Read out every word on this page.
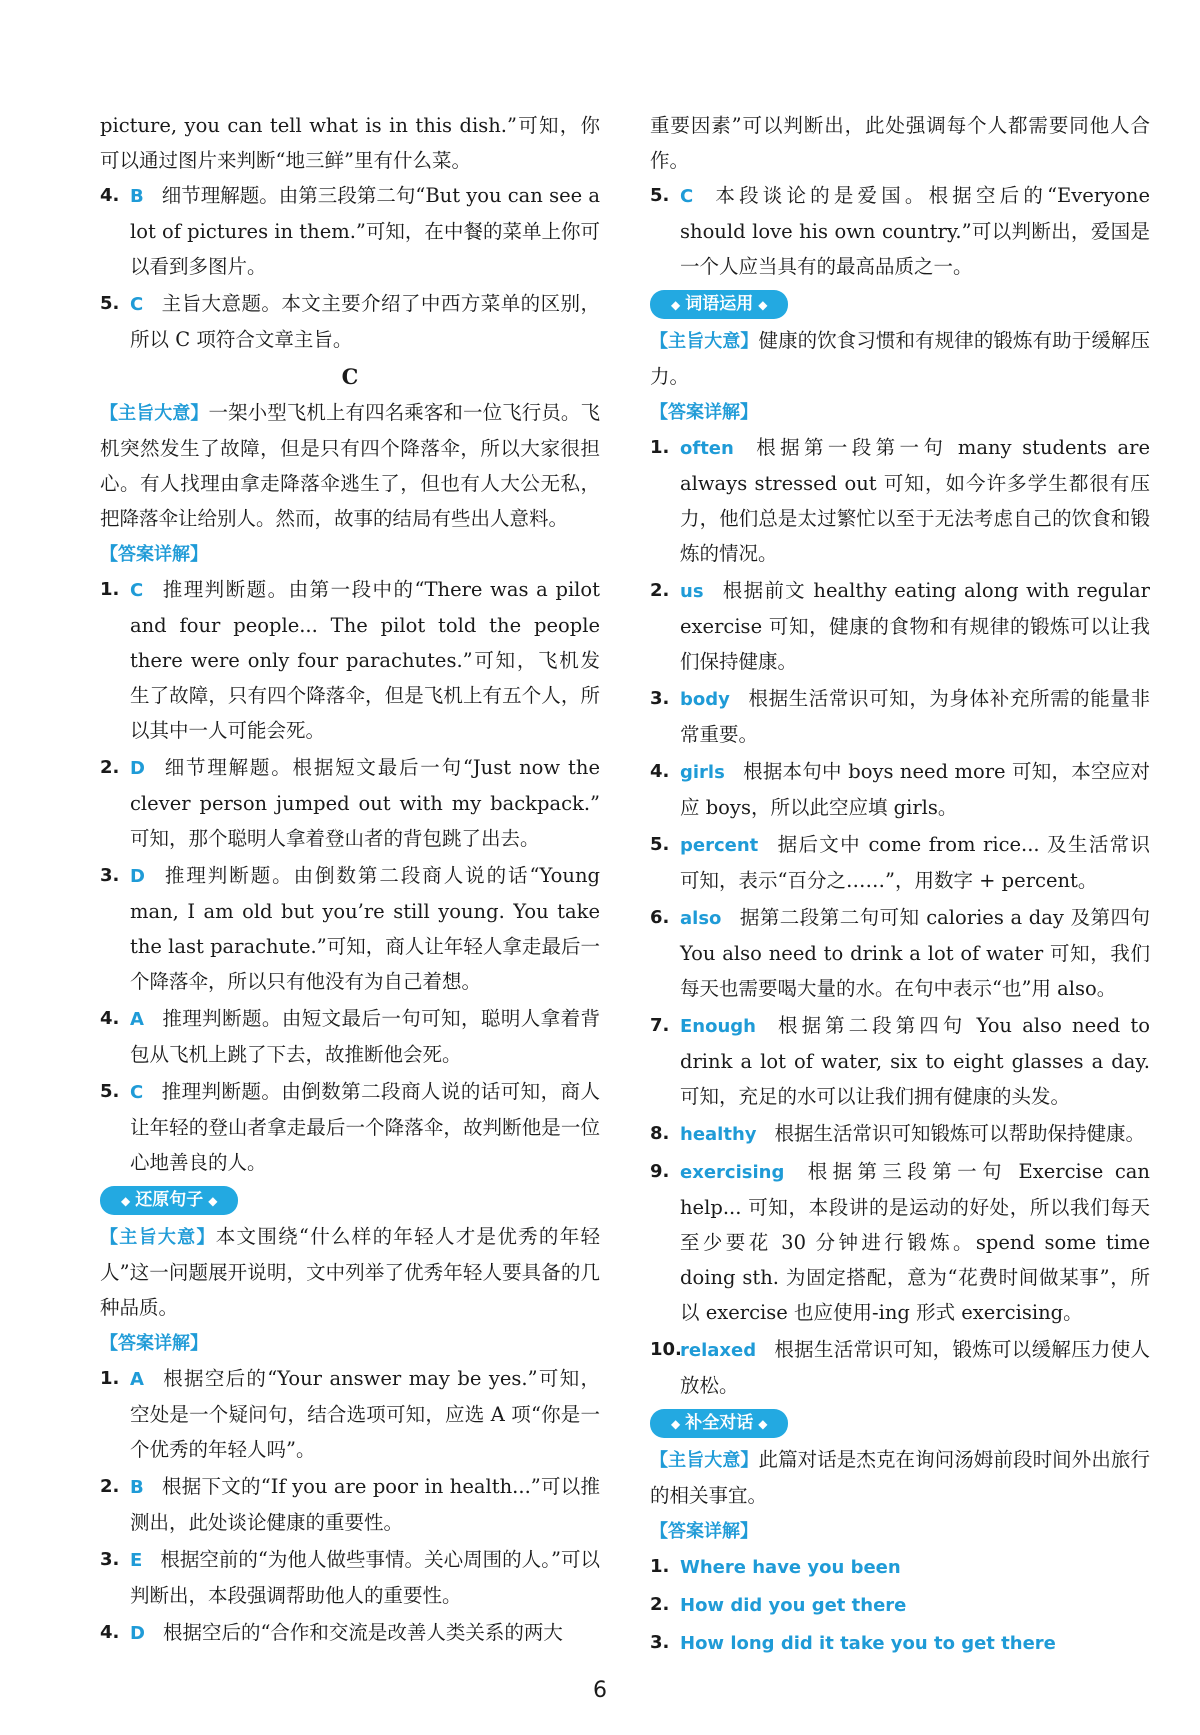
picture, you can tell what is in this dish.”可知，你可以通过图片来判断“地三鲜”里有什么菜。

4. B 细节理解题。由第三段第二句“But you can see a lot of pictures in them.”可知，在中餐的菜单上你可以看到多图片。
5. C 主旨大意题。本文主要介绍了中西方菜单的区别，所以 C 项符合文章主旨。

C

【主旨大意】一架小型飞机上有四名乘客和一位飞行员。飞机突然发生了故障，但是只有四个降落伞，所以大家很担心。有人找理由拿走降落伞逃生了，但也有人大公无私，把降落伞让给别人。然而，故事的结局有些出人意料。

【答案详解】

1. C 推理判断题。由第一段中的“There was a pilot and four people... The pilot told the people there were only four parachutes.”可知，飞机发生了故障，只有四个降落伞，但是飞机上有五个人，所以其中一人可能会死。
2. D 细节理解题。根据短文最后一句“Just now the clever person jumped out with my backpack.” 可知，那个聪明人拿着登山者的背包跳了出去。
3. D 推理判断题。由倒数第二段商人说的话“Young man, I am old but you’re still young. You take the last parachute.”可知，商人让年轻人拿走最后一个降落伞，所以只有他没有为自己着想。
4. A 推理判断题。由短文最后一句可知，聪明人拿着背包从飞机上跳了下去，故推断他会死。
5. C 推理判断题。由倒数第二段商人说的话可知，商人让年轻的登山者拿走最后一个降落伞，故判断他是一位心地善良的人。
◆ 还原句子 ◆

【主旨大意】本文围绕“什么样的年轻人才是优秀的年轻人”这一问题展开说明，文中列举了优秀年轻人要具备的几种品质。

【答案详解】

1. A 根据空后的“Your answer may be yes.”可知，空处是一个疑问句，结合选项可知，应选 A 项“你是一个优秀的年轻人吗”。
2. B 根据下文的“If you are poor in health...”可以推测出，此处谈论健康的重要性。
3. E 根据空前的“为他人做些事情。关心周围的人。”可以判断出，本段强调帮助他人的重要性。
4. D 根据空后的“合作和交流是改善人类关系的两大

重要因素”可以判断出，此处强调每个人都需要同他人合作。

5. C 本段谈论的是爱国。根据空后的“Everyone should love his own country.”可以判断出，爱国是一个人应当具有的最高品质之一。
◆ 词语运用 ◆

【主旨大意】健康的饮食习惯和有规律的锻炼有助于缓解压力。

【答案详解】

1. often 根据第一段第一句 many students are always stressed out 可知，如今许多学生都很有压力，他们总是太过繁忙以至于无法考虑自己的饮食和锻炼的情况。
2. us 根据前文 healthy eating along with regular exercise 可知，健康的食物和有规律的锻炼可以让我们保持健康。
3. body 根据生活常识可知，为身体补充所需的能量非常重要。
4. girls 根据本句中 boys need more 可知，本空应对应 boys，所以此空应填 girls。
5. percent 据后文中 come from rice... 及生活常识可知，表示“百分之……”，用数字 + percent。
6. also 据第二段第二句可知 calories a day 及第四句 You also need to drink a lot of water 可知，我们每天也需要喝大量的水。在句中表示“也”用 also。
7. Enough 根据第二段第四句 You also need to drink a lot of water, six to eight glasses a day. 可知，充足的水可以让我们拥有健康的头发。
8. healthy 根据生活常识可知锻炼可以帮助保持健康。
9. exercising 根据第三段第一句 Exercise can help... 可知，本段讲的是运动的好处，所以我们每天至少要花 30 分钟进行锻炼。spend some time doing sth. 为固定搭配，意为“花费时间做某事”，所以 exercise 也应使用-ing 形式 exercising。
10.
relaxed 根据生活常识可知，锻炼可以缓解压力使人放松。
◆ 补全对话 ◆

【主旨大意】此篇对话是杰克在询问汤姆前段时间外出旅行的相关事宜。

【答案详解】

1. Where have you been
2. How did you get there
3. How long did it take you to get there
6
